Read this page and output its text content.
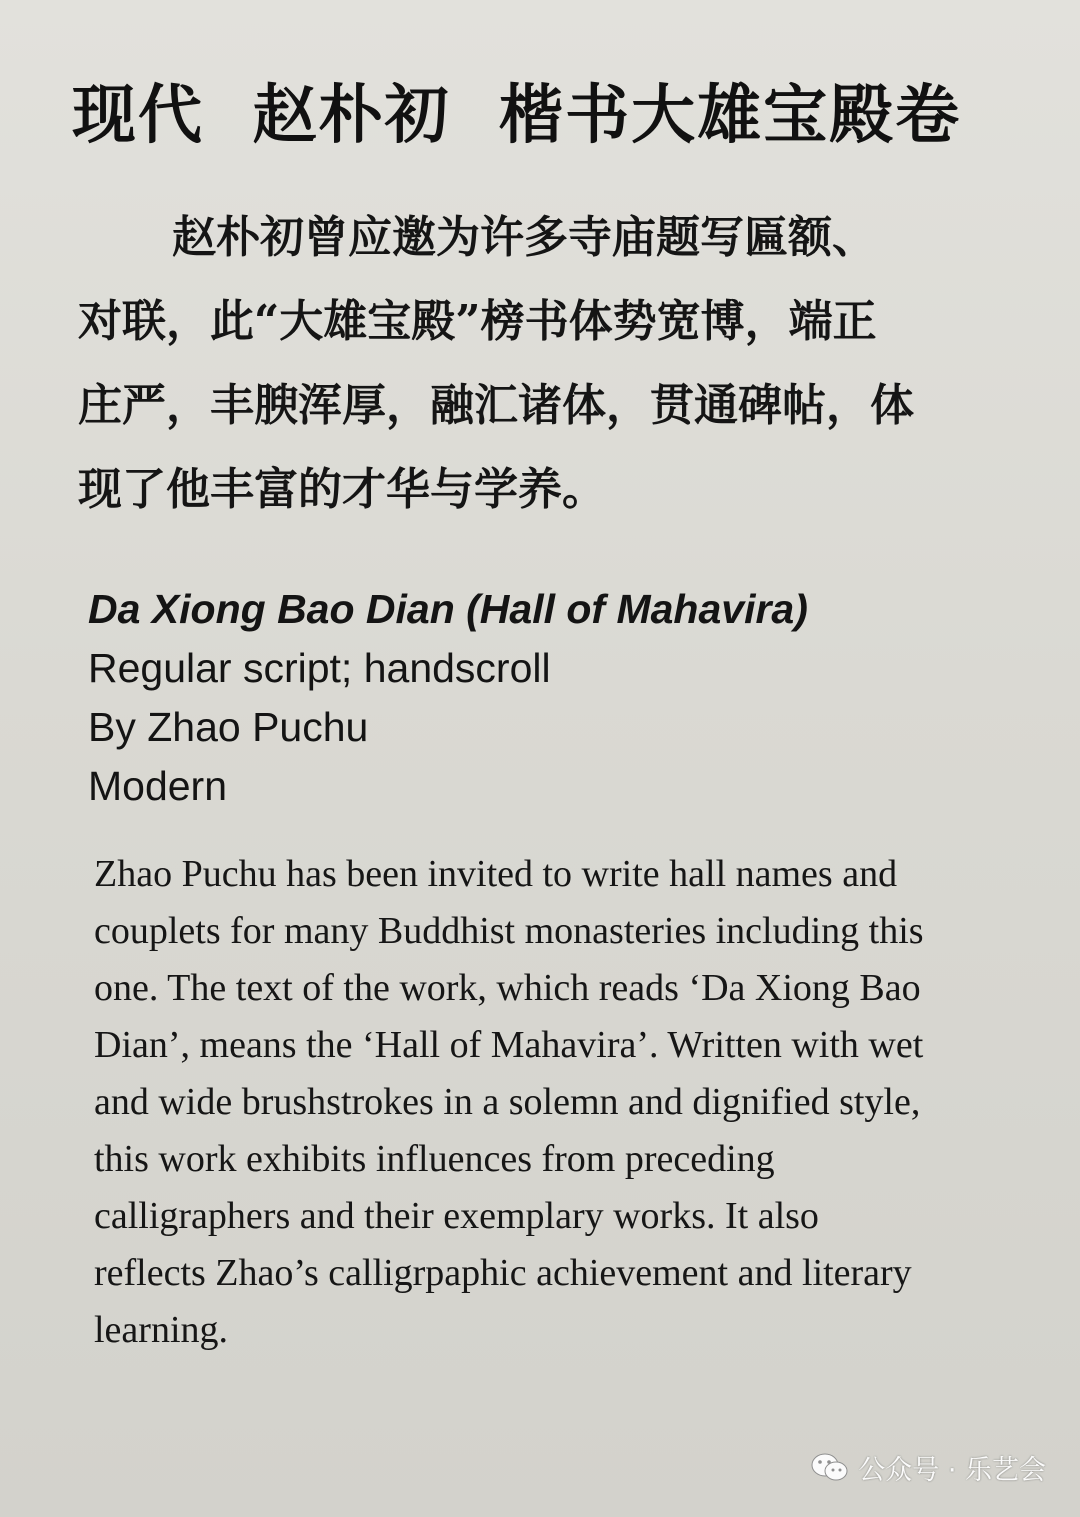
现代  赵朴初  楷书大雄宝殿卷
赵朴初曾应邀为许多寺庙题写匾额、
对联，此“大雄宝殿”榜书体势宽博，端正
庄严，丰腴浑厚，融汇诸体，贯通碑帖，体
现了他丰富的才华与学养。
Da Xiong Bao Dian (Hall of Mahavira)
Regular script; handscroll
By Zhao Puchu
Modern
Zhao Puchu has been invited to write hall names and
couplets for many Buddhist monasteries including this
one. The text of the work, which reads ‘Da Xiong Bao
Dian’, means the ‘Hall of Mahavira’. Written with wet
and wide brushstrokes in a solemn and dignified style,
this work exhibits influences from preceding
calligraphers and their exemplary works. It also
reflects Zhao’s calligrpaphic achievement and literary
learning.
公众号 · 乐艺会
